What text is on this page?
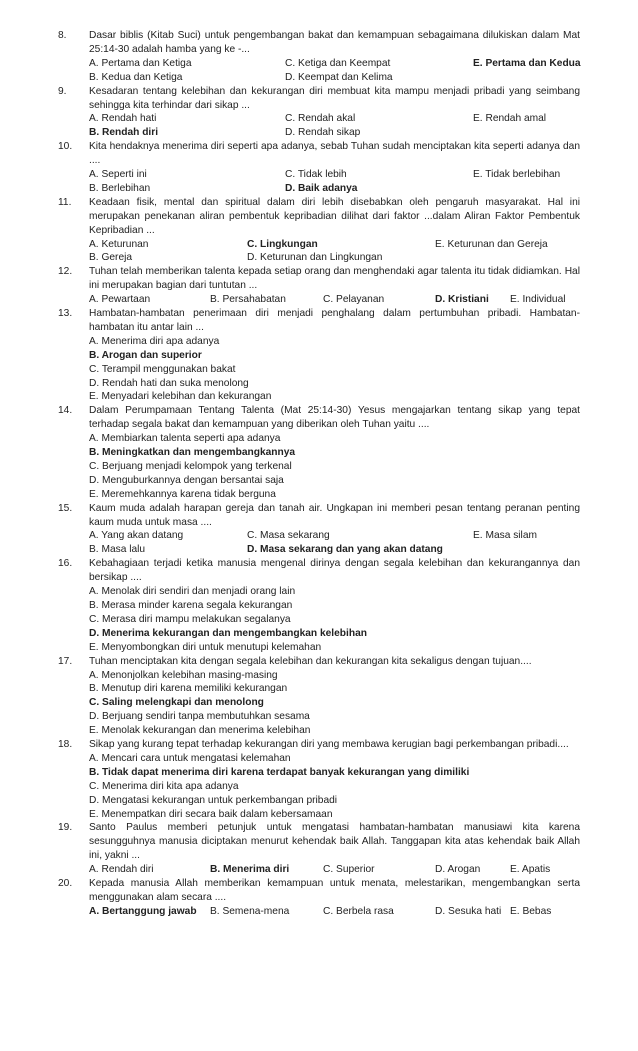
8.	Dasar biblis (Kitab Suci) untuk pengembangan bakat dan kemampuan sebagaimana dilukiskan dalam Mat 25:14-30 adalah hamba yang ke -...
A. Pertama dan Ketiga	C. Ketiga dan Keempat	E. Pertama dan Kedua
B. Kedua dan Ketiga	D. Keempat dan Kelima
9.	Kesadaran tentang kelebihan dan kekurangan diri membuat kita mampu menjadi pribadi yang seimbang sehingga kita terhindar dari sikap ...
A. Rendah hati	C. Rendah akal	E. Rendah amal
B. Rendah diri	D. Rendah sikap
10.	Kita hendaknya menerima diri seperti apa adanya, sebab Tuhan sudah menciptakan kita seperti adanya dan ....
A. Seperti ini	C. Tidak lebih	E. Tidak berlebihan
B. Berlebihan	D. Baik adanya
11.	Keadaan fisik, mental dan spiritual dalam diri lebih disebabkan oleh pengaruh masyarakat. Hal ini merupakan penekanan aliran pembentuk kepribadian dilihat dari faktor ...dalam Aliran Faktor Pembentuk Kepribadian ...
A. Keturunan	C. Lingkungan	E. Keturunan dan Gereja
B. Gereja	D. Keturunan dan Lingkungan
12.	Tuhan telah memberikan talenta kepada setiap orang dan menghendaki agar talenta itu tidak didiamkan. Hal ini merupakan bagian dari tuntutan ...
A. Pewartaan	B. Persahabatan	C. Pelayanan	D. Kristiani E. Individual
13.	Hambatan-hambatan penerimaan diri menjadi penghalang dalam pertumbuhan pribadi. Hambatan-hambatan itu antar lain ...
A. Menerima diri apa adanya
B. Arogan dan superior
C. Terampil menggunakan bakat
D. Rendah hati dan suka menolong
E. Menyadari kelebihan dan kekurangan
14.	Dalam Perumpamaan Tentang Talenta (Mat 25:14-30) Yesus mengajarkan tentang sikap yang tepat terhadap segala bakat dan kemampuan yang diberikan oleh Tuhan yaitu ....
A. Membiarkan talenta seperti apa adanya
B. Meningkatkan dan mengembangkannya
C. Berjuang menjadi kelompok yang terkenal
D. Menguburkannya dengan bersantai saja
E. Meremehkannya karena tidak berguna
15.	Kaum muda adalah harapan gereja dan tanah air. Ungkapan ini memberi pesan tentang peranan penting kaum muda untuk masa ....
A. Yang akan datang	C. Masa sekarang	E. Masa silam
B. Masa lalu	D. Masa sekarang dan yang akan datang
16.	Kebahagiaan terjadi ketika manusia mengenal dirinya dengan segala kelebihan dan kekurangannya dan bersikap ....
A. Menolak diri sendiri dan menjadi orang lain
B. Merasa minder karena segala kekurangan
C. Merasa diri mampu melakukan segalanya
D. Menerima kekurangan dan mengembangkan kelebihan
E. Menyombongkan diri untuk menutupi kelemahan
17.	Tuhan menciptakan kita dengan segala kelebihan dan kekurangan kita sekaligus dengan tujuan....
A. Menonjolkan kelebihan masing-masing
B. Menutup diri karena memiliki kekurangan
C. Saling melengkapi dan menolong
D. Berjuang sendiri tanpa membutuhkan sesama
E. Menolak kekurangan dan menerima kelebihan
18.	Sikap yang kurang tepat terhadap kekurangan diri yang membawa kerugian bagi perkembangan pribadi....
A. Mencari cara untuk mengatasi kelemahan
B. Tidak dapat menerima diri karena terdapat banyak kekurangan yang dimiliki
C. Menerima diri kita apa adanya
D. Mengatasi kekurangan untuk perkembangan pribadi
E. Menempatkan diri secara baik dalam kebersamaan
19.	Santo Paulus memberi petunjuk untuk mengatasi hambatan-hambatan manusiawi kita karena sesungguhnya manusia diciptakan menurut kehendak baik Allah. Tanggapan kita atas kehendak baik Allah ini, yakni ...
A. Rendah diri	B. Menerima diri	C. Superior	D. Arogan	E. Apatis
20.	Kepada manusia Allah memberikan kemampuan untuk menata, melestarikan, mengembangkan serta menggunakan alam secara ....
A. Bertanggung jawab B. Semena-mena	C. Berbela rasa	D. Sesuka hati E. Bebas
